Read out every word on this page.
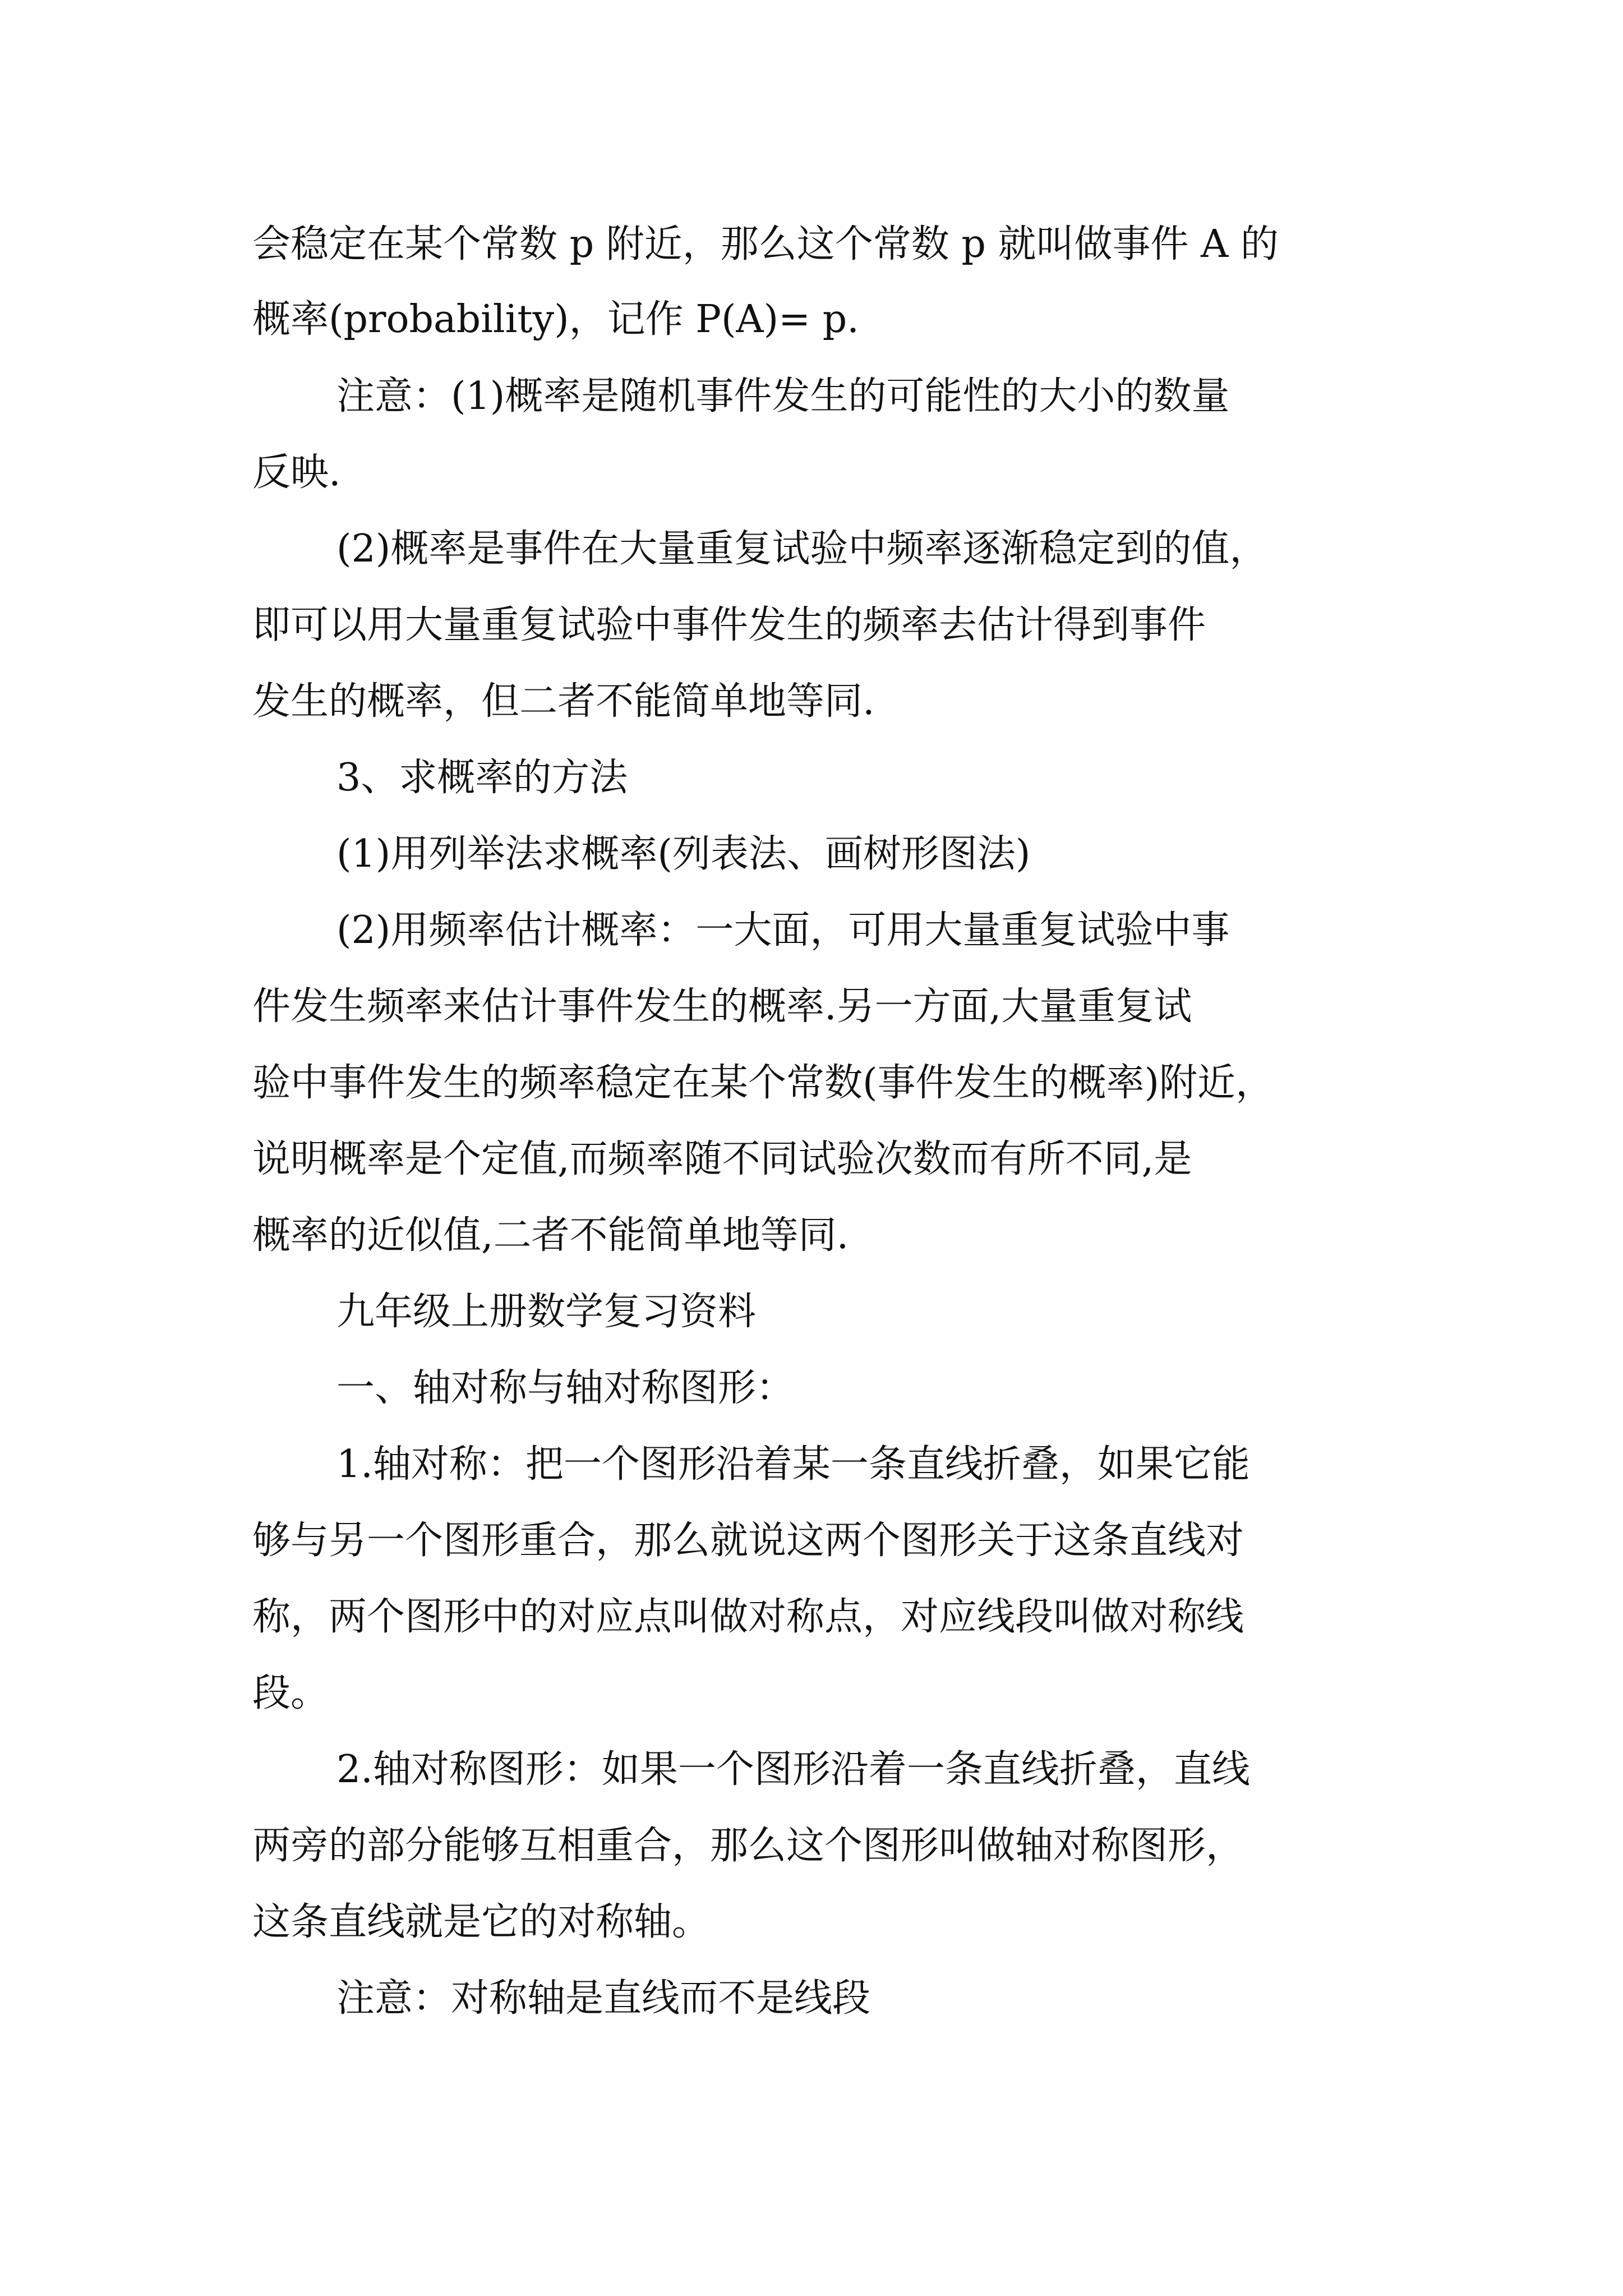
会稳定在某个常数 p 附近，那么这个常数 p 就叫做事件 A 的
概率(probability)，记作 P(A)= p.
注意：(1)概率是随机事件发生的可能性的大小的数量
反映.
(2)概率是事件在大量重复试验中频率逐渐稳定到的值，
即可以用大量重复试验中事件发生的频率去估计得到事件
发生的概率，但二者不能简单地等同.
3、求概率的方法
(1)用列举法求概率(列表法、画树形图法)
(2)用频率估计概率：一大面，可用大量重复试验中事
件发生频率来估计事件发生的概率.另一方面,大量重复试
验中事件发生的频率稳定在某个常数(事件发生的概率)附近，
说明概率是个定值,而频率随不同试验次数而有所不同,是
概率的近似值,二者不能简单地等同.
九年级上册数学复习资料
一、轴对称与轴对称图形：
1.轴对称：把一个图形沿着某一条直线折叠，如果它能
够与另一个图形重合，那么就说这两个图形关于这条直线对
称，两个图形中的对应点叫做对称点，对应线段叫做对称线
段。
2.轴对称图形：如果一个图形沿着一条直线折叠，直线
两旁的部分能够互相重合，那么这个图形叫做轴对称图形，
这条直线就是它的对称轴。
注意：对称轴是直线而不是线段
